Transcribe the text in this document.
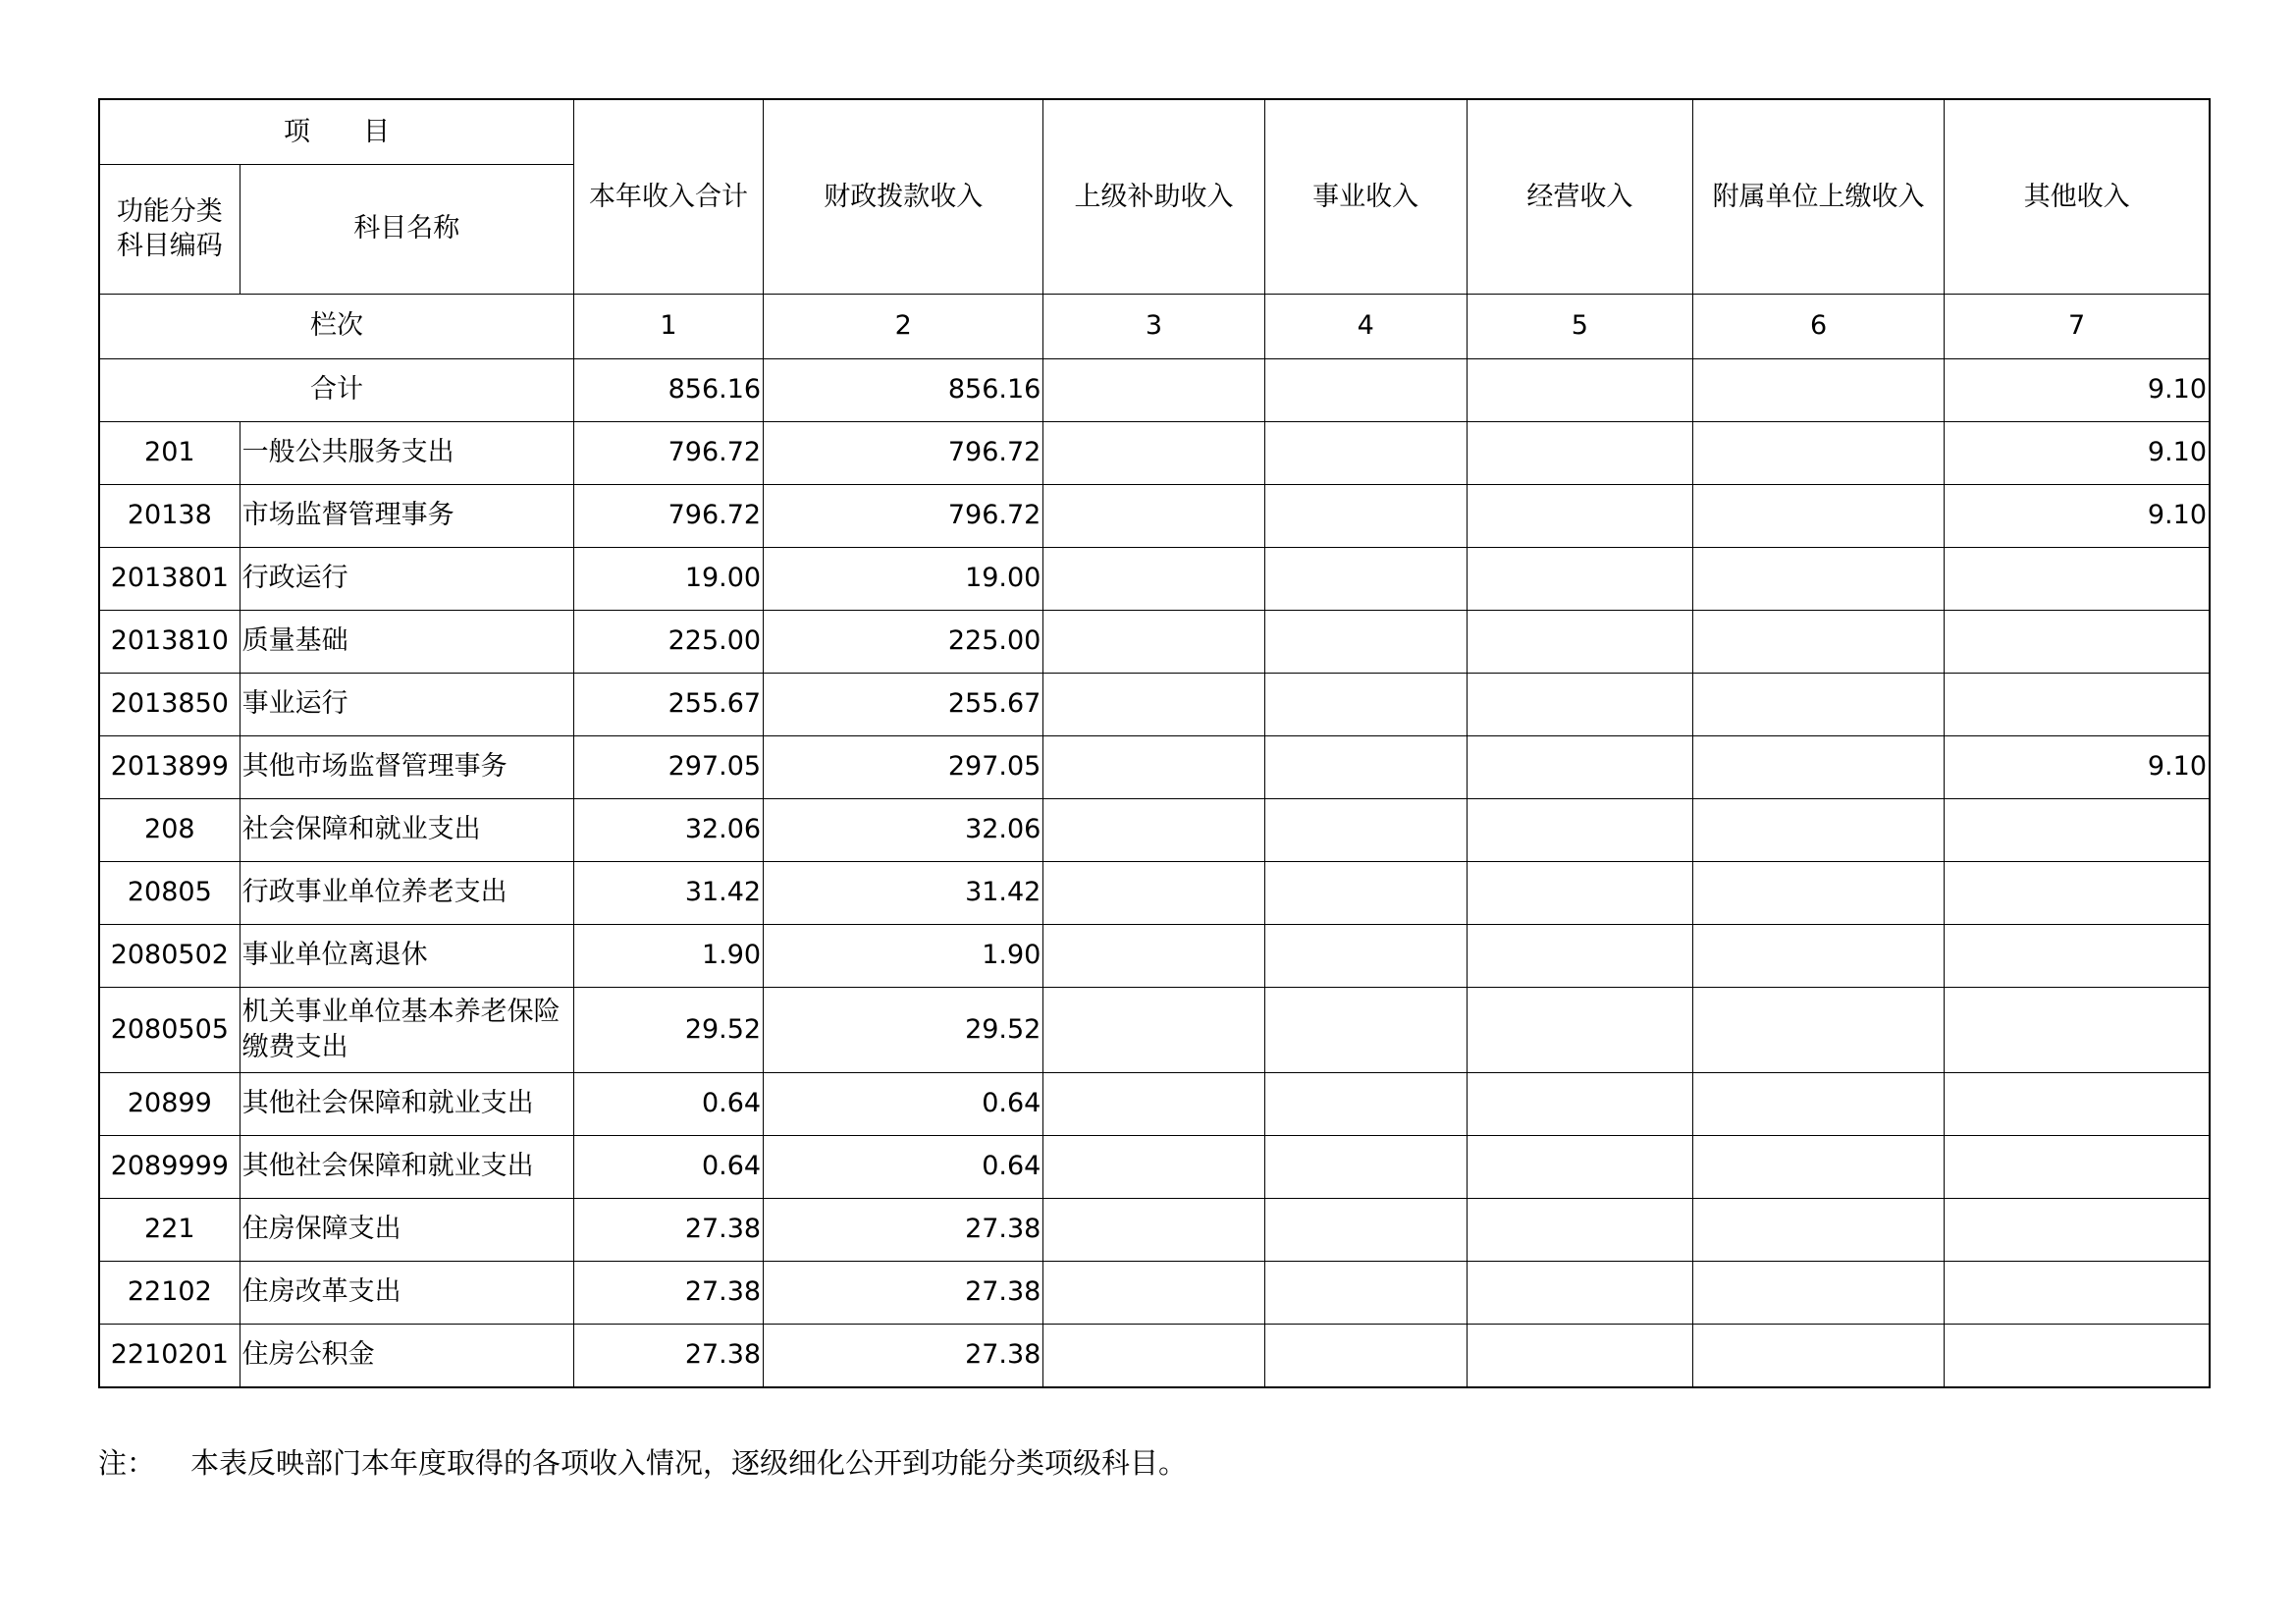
项　　目		本年收入合计	财政拨款收入	上级补助收入	事业收入	经营收入	附属单位上缴收入	其他收入
功能分类
科目编码	科目名称							
栏次		1	2	3	4	5	6	7
合计		856.16	856.16					9.10
201	一般公共服务支出	796.72	796.72					9.10
20138	市场监督管理事务	796.72	796.72					9.10
2013801	行政运行	19.00	19.00					
2013810	质量基础	225.00	225.00					
2013850	事业运行	255.67	255.67					
2013899	其他市场监督管理事务	297.05	297.05					9.10
208	社会保障和就业支出	32.06	32.06					
20805	行政事业单位养老支出	31.42	31.42					
2080502	事业单位离退休	1.90	1.90					
2080505	机关事业单位基本养老保险缴费支出	29.52	29.52					
20899	其他社会保障和就业支出	0.64	0.64					
2089999	其他社会保障和就业支出	0.64	0.64					
221	住房保障支出	27.38	27.38					
22102	住房改革支出	27.38	27.38					
2210201	住房公积金	27.38	27.38					
注： 本表反映部门本年度取得的各项收入情况，逐级细化公开到功能分类项级科目。
